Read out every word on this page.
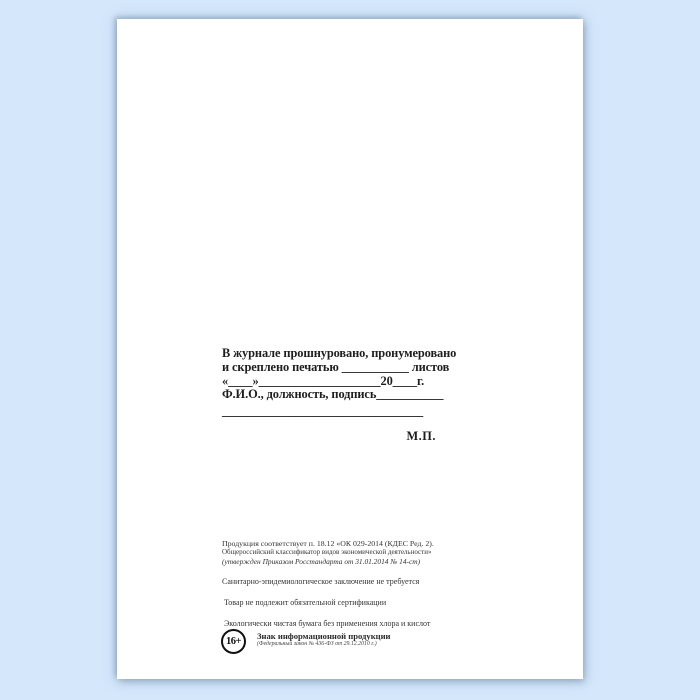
В журнале прошнуровано, пронумеровано
и скреплено печатью ___________ листов
«____»____________________20____г.
Ф.И.О., должность, подпись___________
_________________________________
М.П.
Продукция соответствует п. 18.12 «ОК 029-2014 (КДЕС Ред. 2).
Общероссийский классификатор видов экономической деятельности»
(утвержден Приказом Росстандарта от 31.01.2014 № 14-ст)
Санитарно-эпидемиологическое заключение не требуется
Товар не подлежит обязательной сертификации
Экологически чистая бумага без применения хлора и кислот
16+	Знак информационной продукции
(Федеральный закон № 436-ФЗ от 29.12.2010 г.)
